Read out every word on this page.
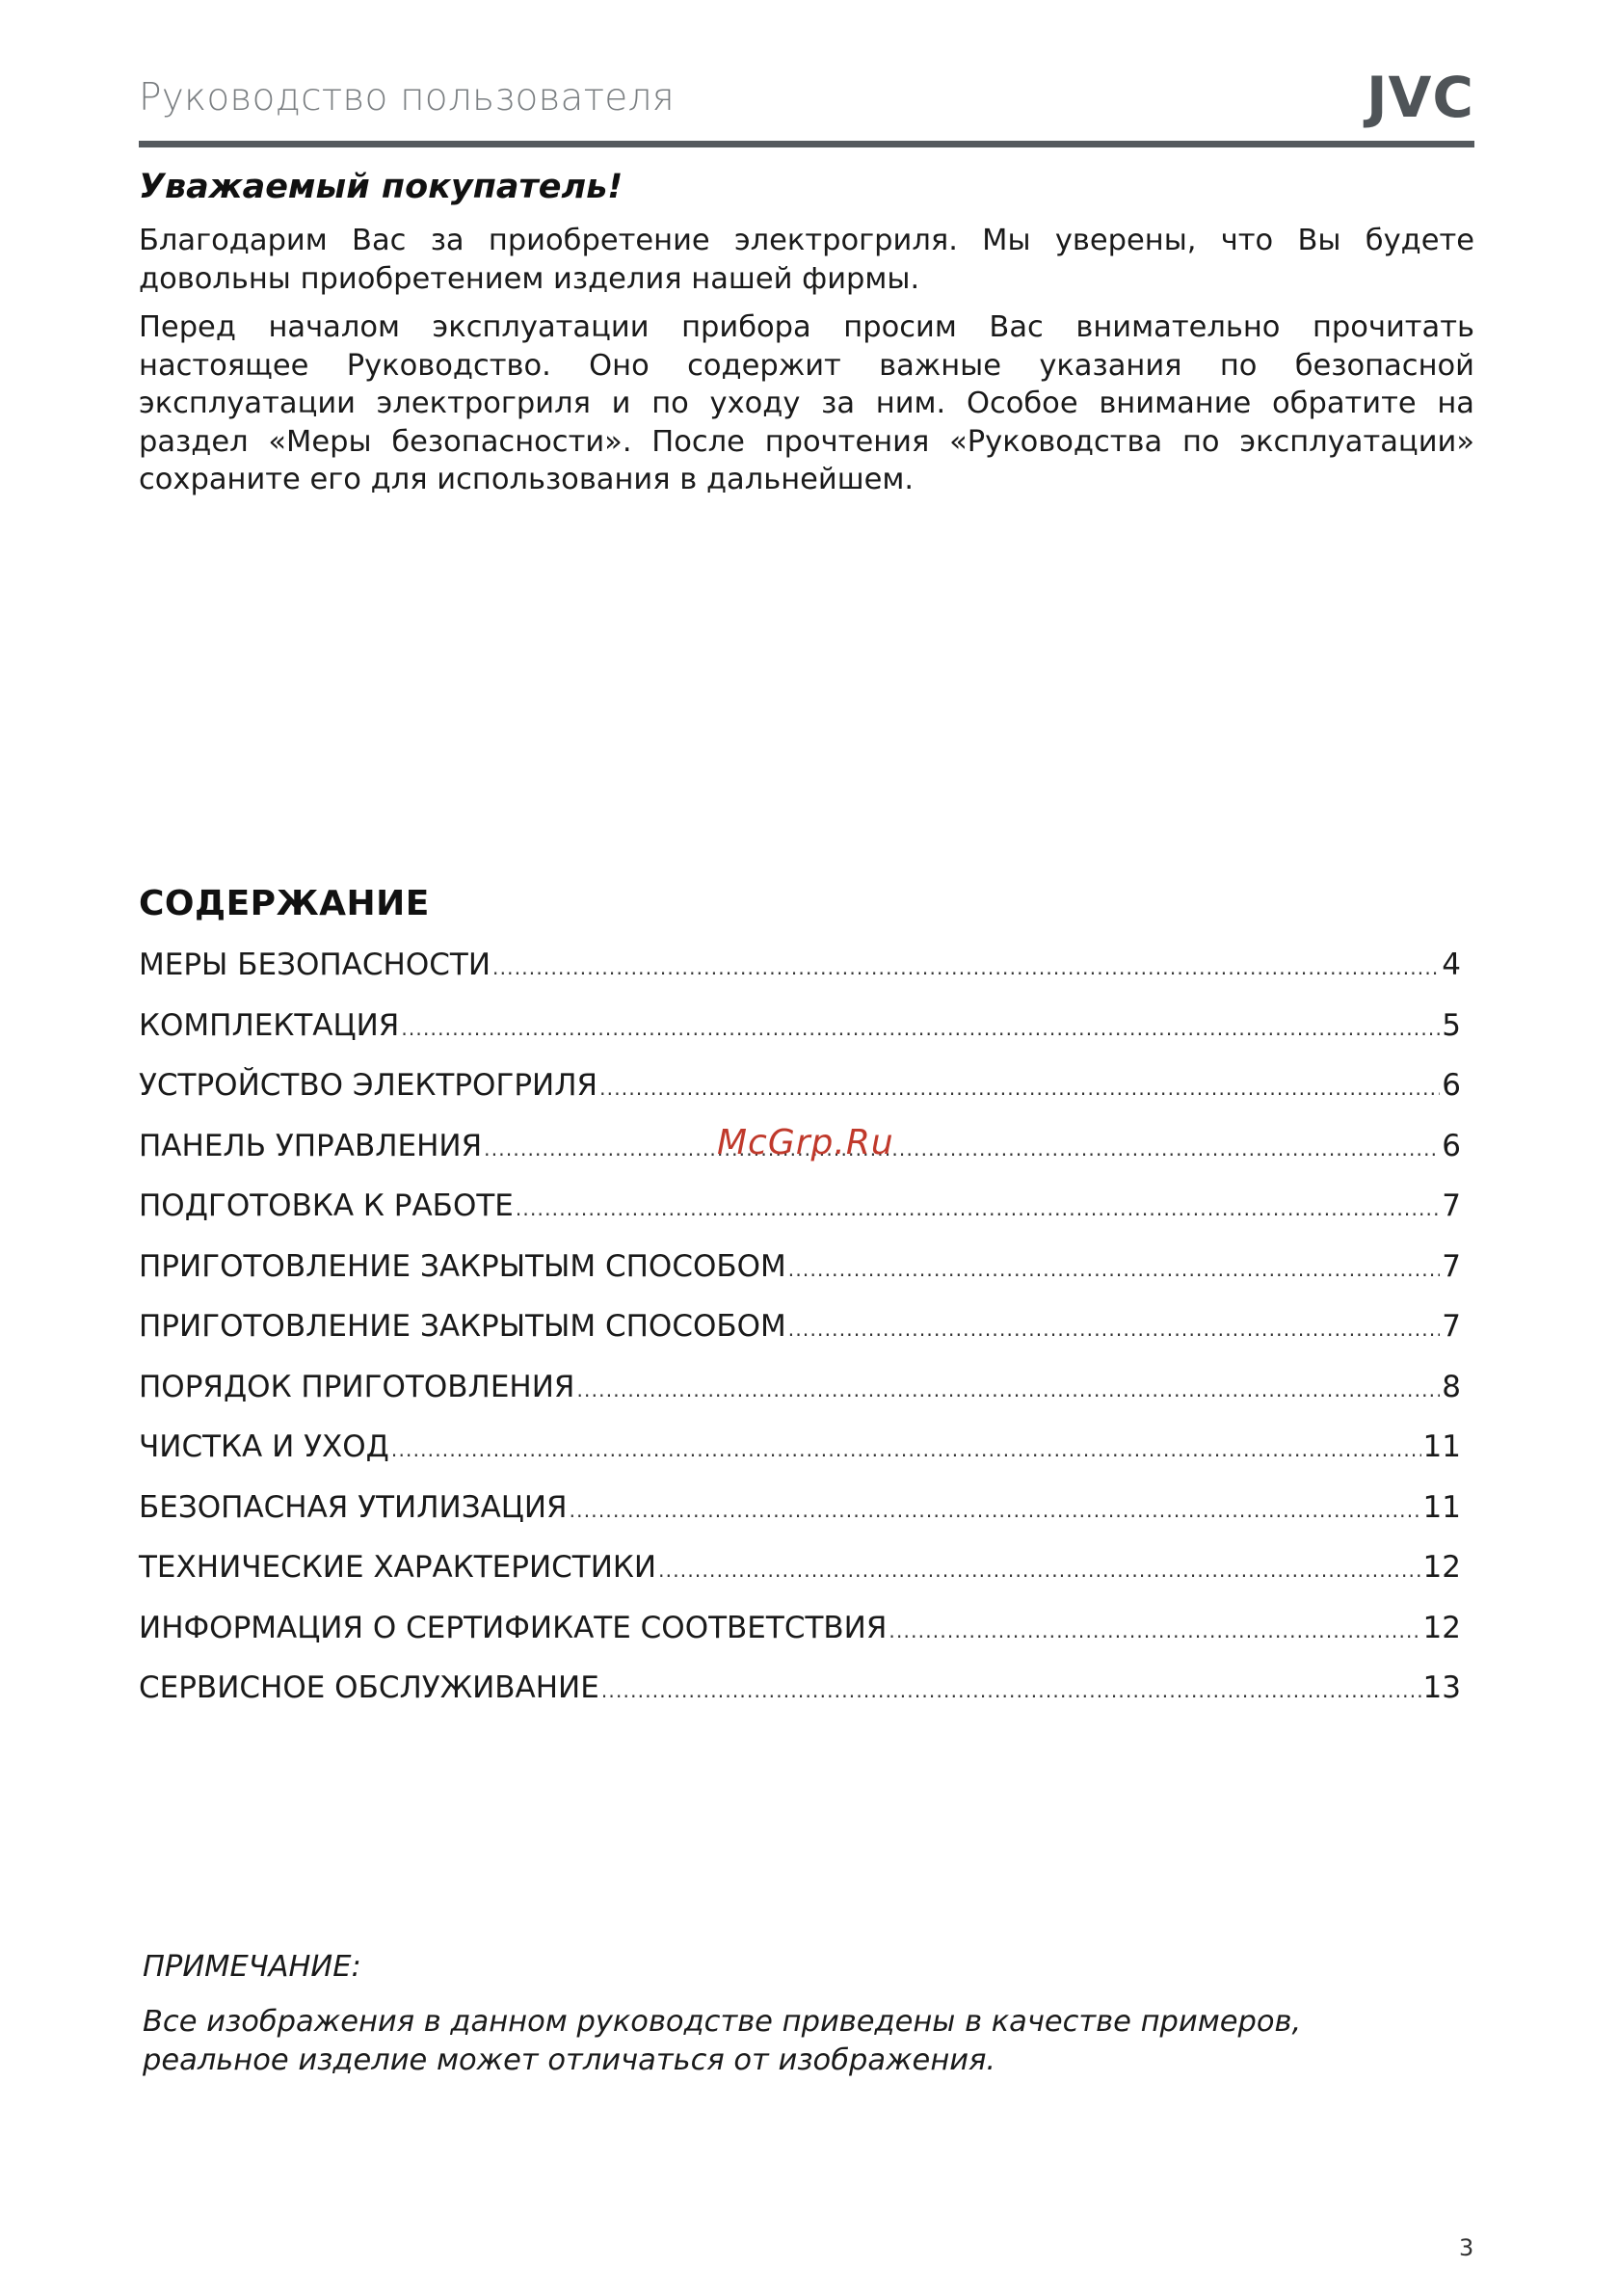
Руководство пользователя	JVC
Уважаемый покупатель!

Благодарим Вас за приобретение электрогриля. Мы уверены, что Вы будете довольны приобретением изделия нашей фирмы.

Перед началом эксплуатации прибора просим Вас внимательно прочитать настоящее Руководство. Оно содержит важные указания по безопасной эксплуатации электрогриля и по уходу за ним. Особое внимание обратите на раздел «Меры безопасности». После прочтения «Руководства по эксплуатации» сохраните его для использования в дальнейшем.

СОДЕРЖАНИЕ
МЕРЫ БЕЗОПАСНОСТИ .....	4
КОМПЛЕКТАЦИЯ .....	5
УСТРОЙСТВО ЭЛЕКТРОГРИЛЯ .....	6
ПАНЕЛЬ УПРАВЛЕНИЯ .....	6
ПОДГОТОВКА К РАБОТЕ .....	7
ПРИГОТОВЛЕНИЕ ЗАКРЫТЫМ СПОСОБОМ .....	7
ПРИГОТОВЛЕНИЕ ЗАКРЫТЫМ СПОСОБОМ .....	7
ПОРЯДОК ПРИГОТОВЛЕНИЯ .....	8
ЧИСТКА И УХОД .....	11
БЕЗОПАСНАЯ УТИЛИЗАЦИЯ .....	11
ТЕХНИЧЕСКИЕ ХАРАКТЕРИСТИКИ .....	12
ИНФОРМАЦИЯ О СЕРТИФИКАТЕ СООТВЕТСТВИЯ .....	12
СЕРВИСНОЕ ОБСЛУЖИВАНИЕ .....	13
McGrp.Ru
ПРИМЕЧАНИЕ:
Все изображения в данном руководстве приведены в качестве примеров, реальное изделие может отличаться от изображения.
3
